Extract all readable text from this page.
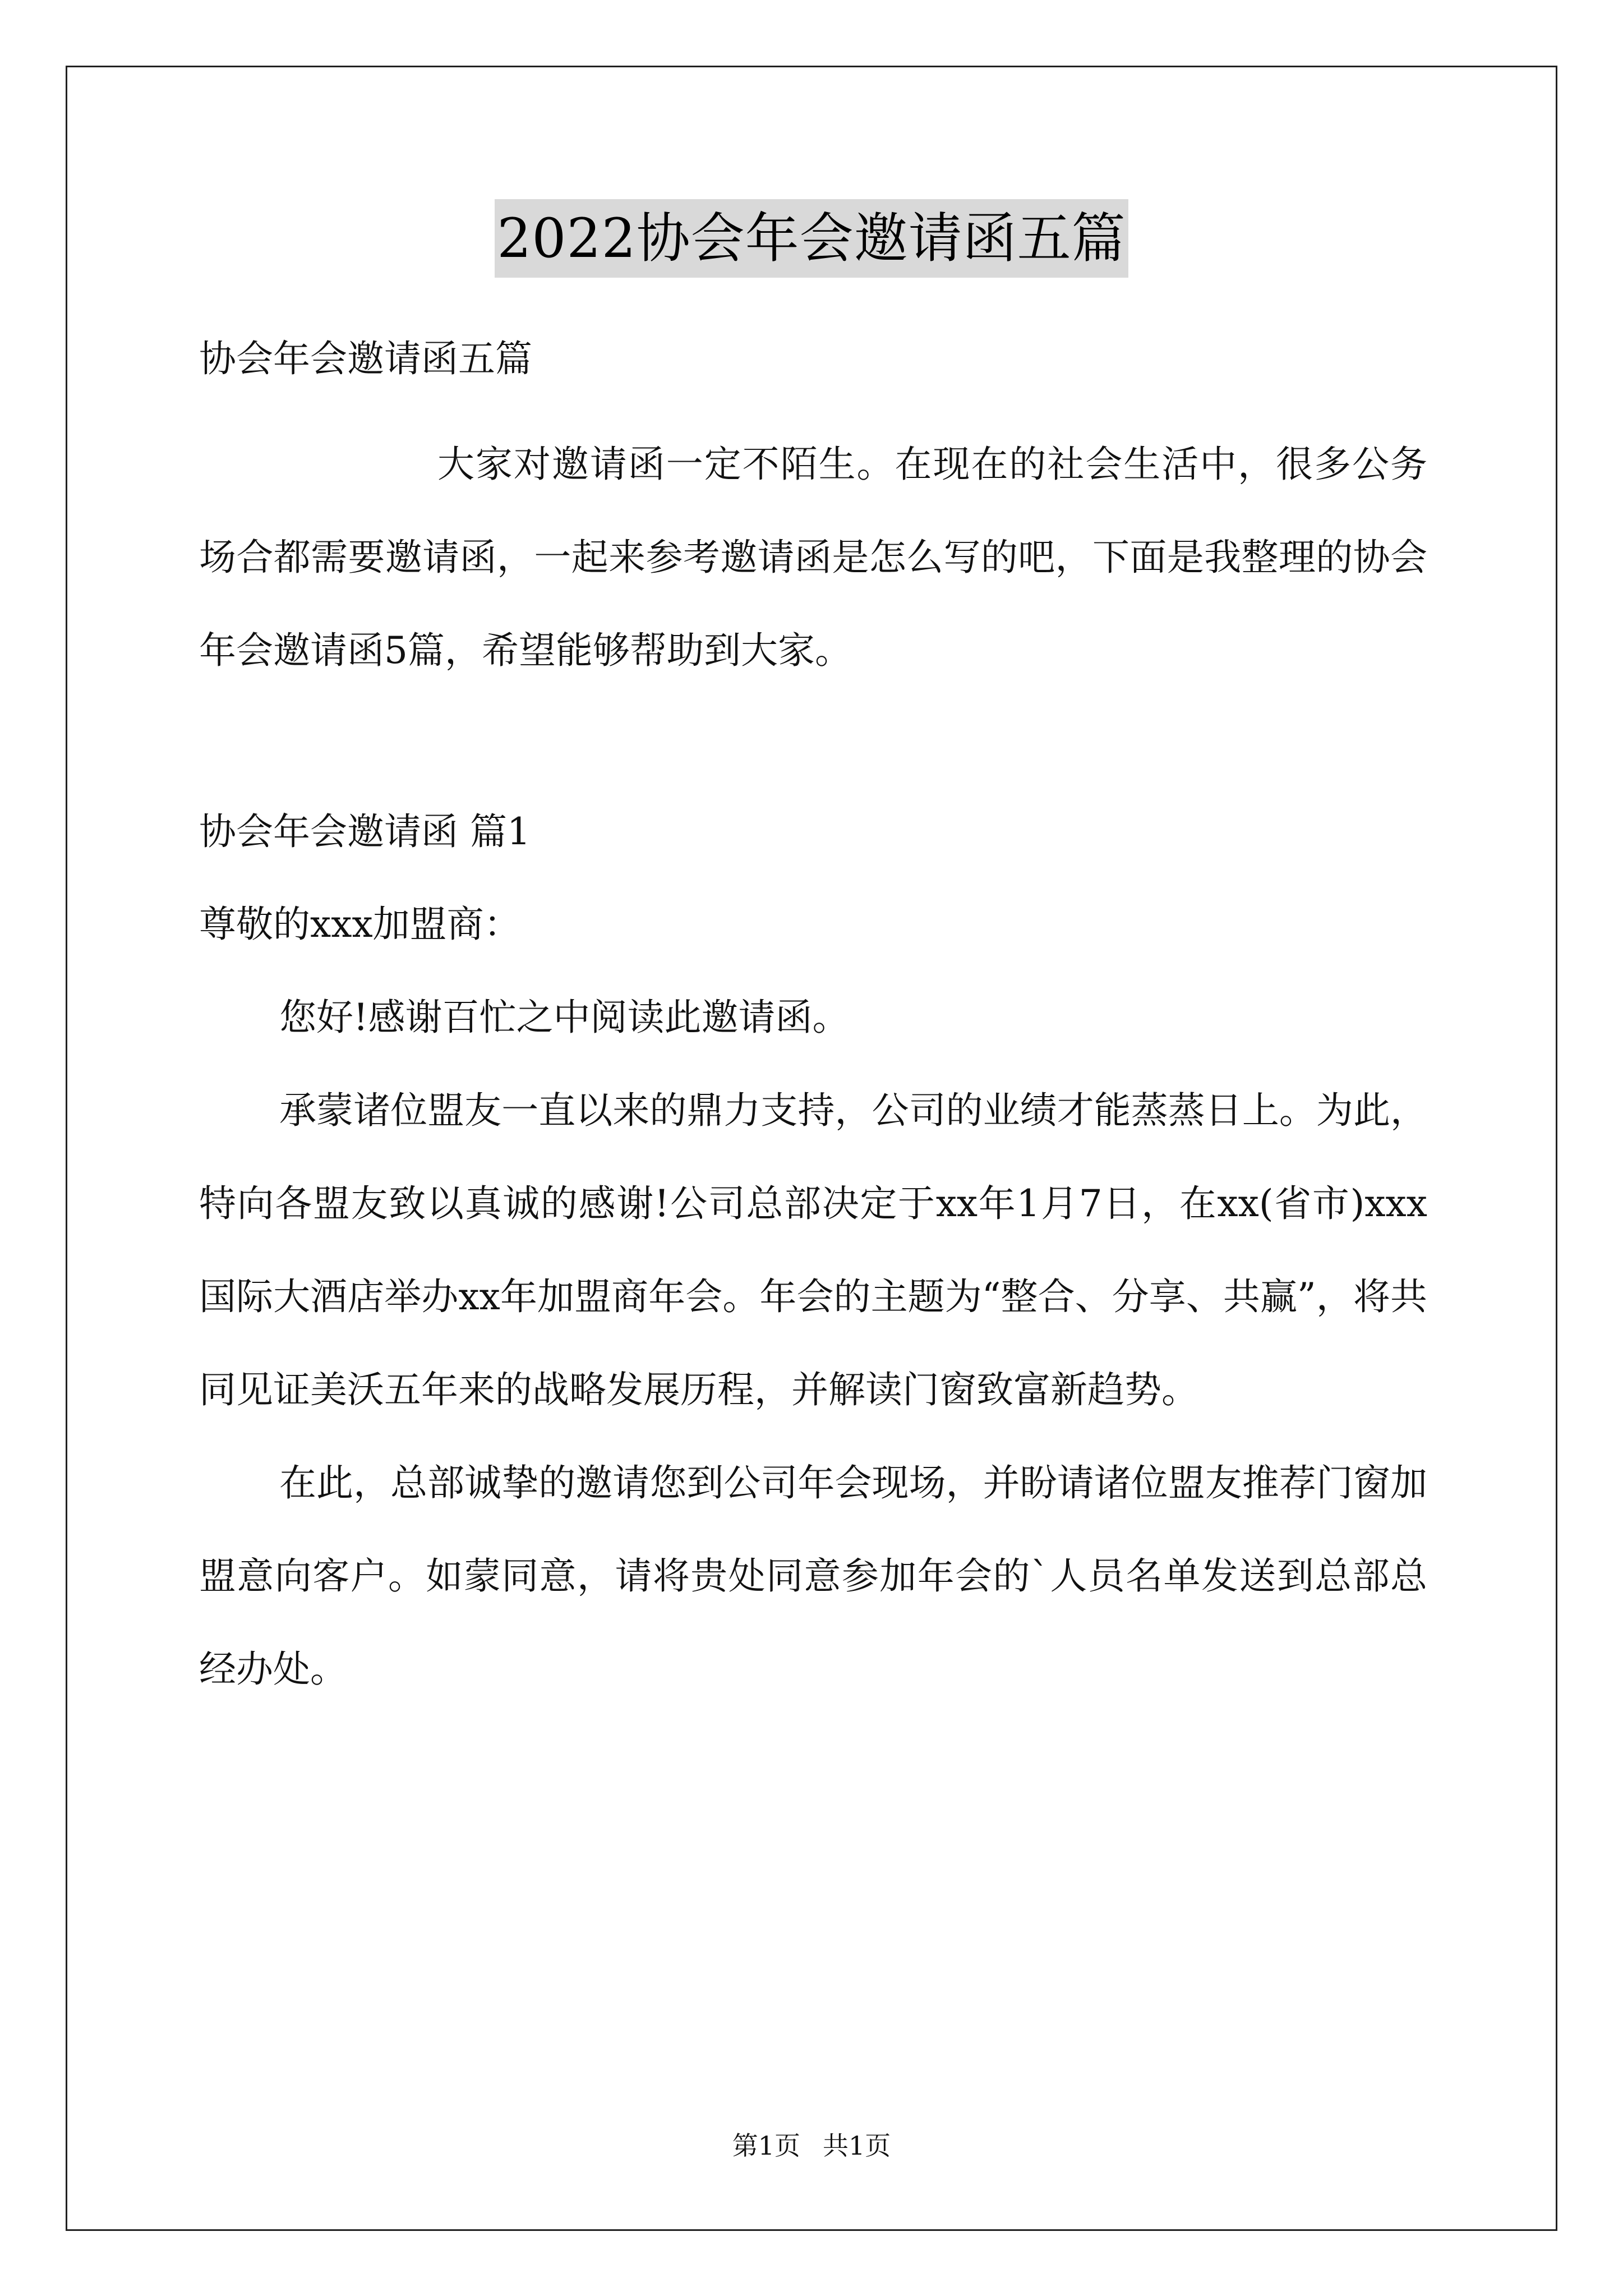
2022协会年会邀请函五篇

协会年会邀请函五篇

大家对邀请函一定不陌生。在现在的社会生活中，很多公务场合都需要邀请函，一起来参考邀请函是怎么写的吧，下面是我整理的协会年会邀请函5篇，希望能够帮助到大家。

协会年会邀请函 篇1

尊敬的xxx加盟商：

您好!感谢百忙之中阅读此邀请函。

承蒙诸位盟友一直以来的鼎力支持，公司的业绩才能蒸蒸日上。为此，特向各盟友致以真诚的感谢!公司总部决定于xx年1月7日，在xx(省市)xxx国际大酒店举办xx年加盟商年会。年会的主题为“整合、分享、共赢”，将共同见证美沃五年来的战略发展历程，并解读门窗致富新趋势。

在此，总部诚挚的邀请您到公司年会现场，并盼请诸位盟友推荐门窗加盟意向客户。如蒙同意，请将贵处同意参加年会的`人员名单发送到总部总经办处。

第1页 共1页
